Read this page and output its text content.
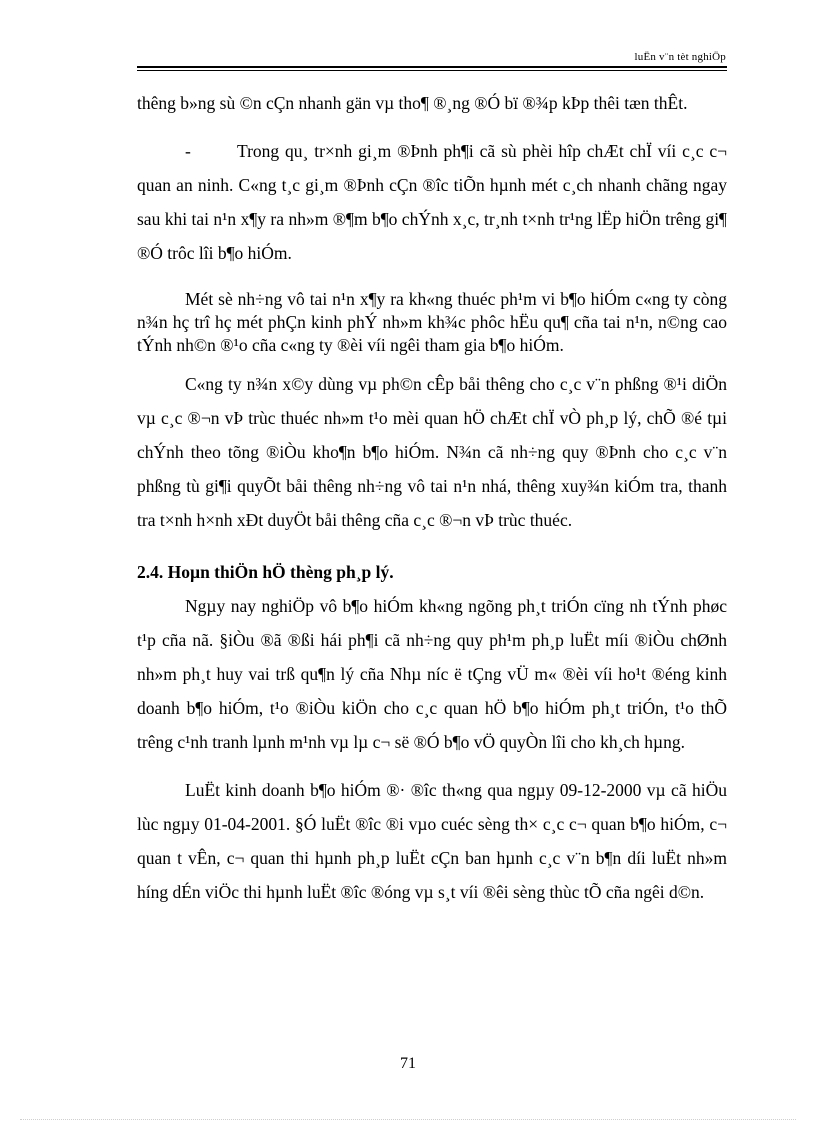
luËn v¨n tèt nghiÖp

thêng b»ng sù ©n cÇn nhanh gän vµ tho¶ ®¸ng ®Ó bï ®¾p kÞp thêi tæn thÊt.

-	Trong qu¸ tr×nh gi¸m ®Þnh ph¶i cã sù phèi hîp chÆt chÏ víi c¸c c¬ quan an ninh. C«ng t¸c gi¸m ®Þnh cÇn ®îc tiÕn hµnh mét c¸ch nhanh chãng ngay sau khi tai n¹n x¶y ra nh»m ®¶m b¶o chÝnh x¸c, tr¸nh t×nh tr¹ng lËp hiÖn trêng gi¶ ®Ó trôc lîi b¶o hiÓm.

Mét sè nh÷ng vô tai n¹n x¶y ra kh«ng thuéc ph¹m vi b¶o hiÓm c«ng ty còng n¾n hç trî hç mét phÇn kinh phÝ nh»m kh¾c phôc hËu qu¶ cña tai n¹n, n©ng cao tÝnh nh©n ®¹o cña c«ng ty ®èi víi ngêi tham gia b¶o hiÓm.

C«ng ty n¾n x©y dùng vµ ph©n cÊp båi thêng cho c¸c v¨n phßng ®¹i diÖn vµ c¸c ®¬n vÞ trùc thuéc nh»m t¹o mèi quan hÖ chÆt chÏ vÒ ph¸p lý, chÕ ®é tµi chÝnh theo tõng ®iÒu kho¶n b¶o hiÓm. N¾n cã nh÷ng quy ®Þnh cho c¸c v¨n phßng tù gi¶i quyÕt båi thêng nh÷ng vô tai n¹n nhá, thêng xuy¾n kiÓm tra, thanh tra t×nh h×nh xÐt duyÖt båi thêng cña c¸c ®¬n vÞ trùc thuéc.

2.4. Hoµn thiÖn hÖ thèng ph¸p lý.

Ngµy nay nghiÖp vô b¶o hiÓm kh«ng ngõng ph¸t triÓn cïng nh tÝnh phøc t¹p cña nã. §iÒu ®ã ®ßi hái ph¶i cã nh÷ng quy ph¹m ph¸p luËt míi ®iÒu chØnh nh»m ph¸t huy vai trß qu¶n lý cña Nhµ níc ë tÇng vÜ m« ®èi víi ho¹t ®éng kinh doanh b¶o hiÓm, t¹o ®iÒu kiÖn cho c¸c quan hÖ b¶o hiÓm ph¸t triÓn, t¹o thÕ trêng c¹nh tranh lµnh m¹nh vµ lµ c¬ së ®Ó b¶o vÖ quyÒn lîi cho kh¸ch hµng.

LuËt kinh doanh b¶o hiÓm ®· ®îc th«ng qua ngµy 09-12-2000 vµ cã hiÖu lùc ngµy 01-04-2001. §Ó luËt ®îc ®i vµo cuéc sèng th× c¸c c¬ quan b¶o hiÓm, c¬ quan t vÊn, c¬ quan thi hµnh ph¸p luËt cÇn ban hµnh c¸c v¨n b¶n díi luËt nh»m híng dÉn viÖc thi hµnh luËt ®îc ®óng vµ s¸t víi ®êi sèng thùc tÕ cña ngêi d©n.

71
